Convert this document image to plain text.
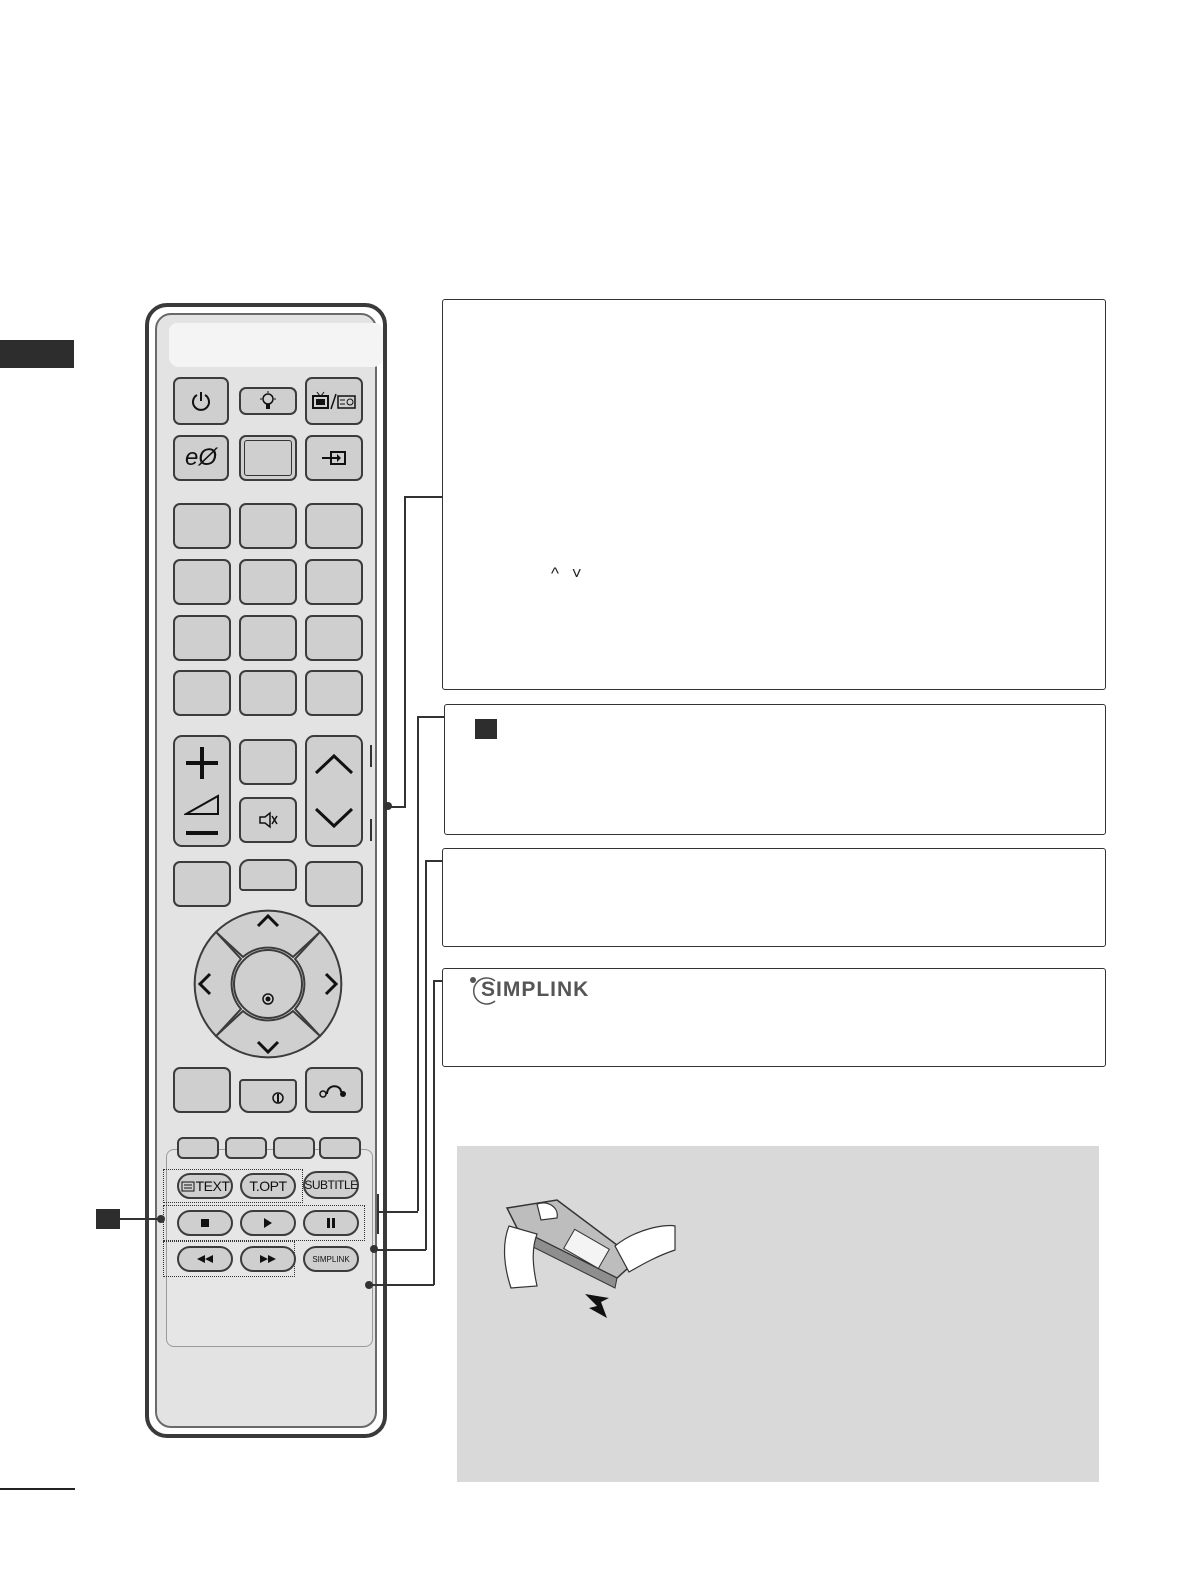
eØ
TEXT T.OPT SUBTITLE
SIMPLINK
^ ˅
SIMPLINK
